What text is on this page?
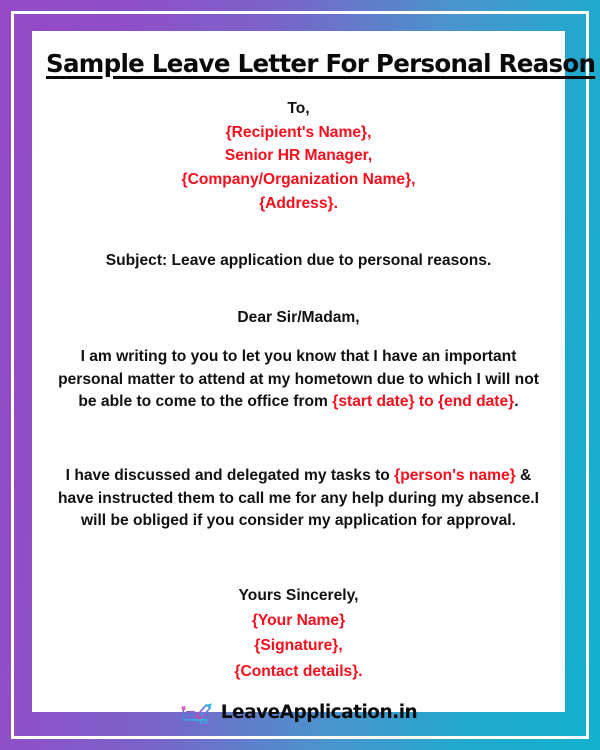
Sample Leave Letter For Personal Reason
To,
{Recipient's Name},
Senior HR Manager,
{Company/Organization Name},
{Address}.
Subject: Leave application due to personal reasons.
Dear Sir/Madam,

I am writing to you to let you know that I have an important personal matter to attend at my hometown due to which I will not be able to come to the office from {start date} to {end date}.

I have discussed and delegated my tasks to {person's name} & have instructed them to call me for any help during my absence.I will be obliged if you consider my application for approval.

Yours Sincerely,
{Your Name}
{Signature},
{Contact details}.
LeaveApplication.in
